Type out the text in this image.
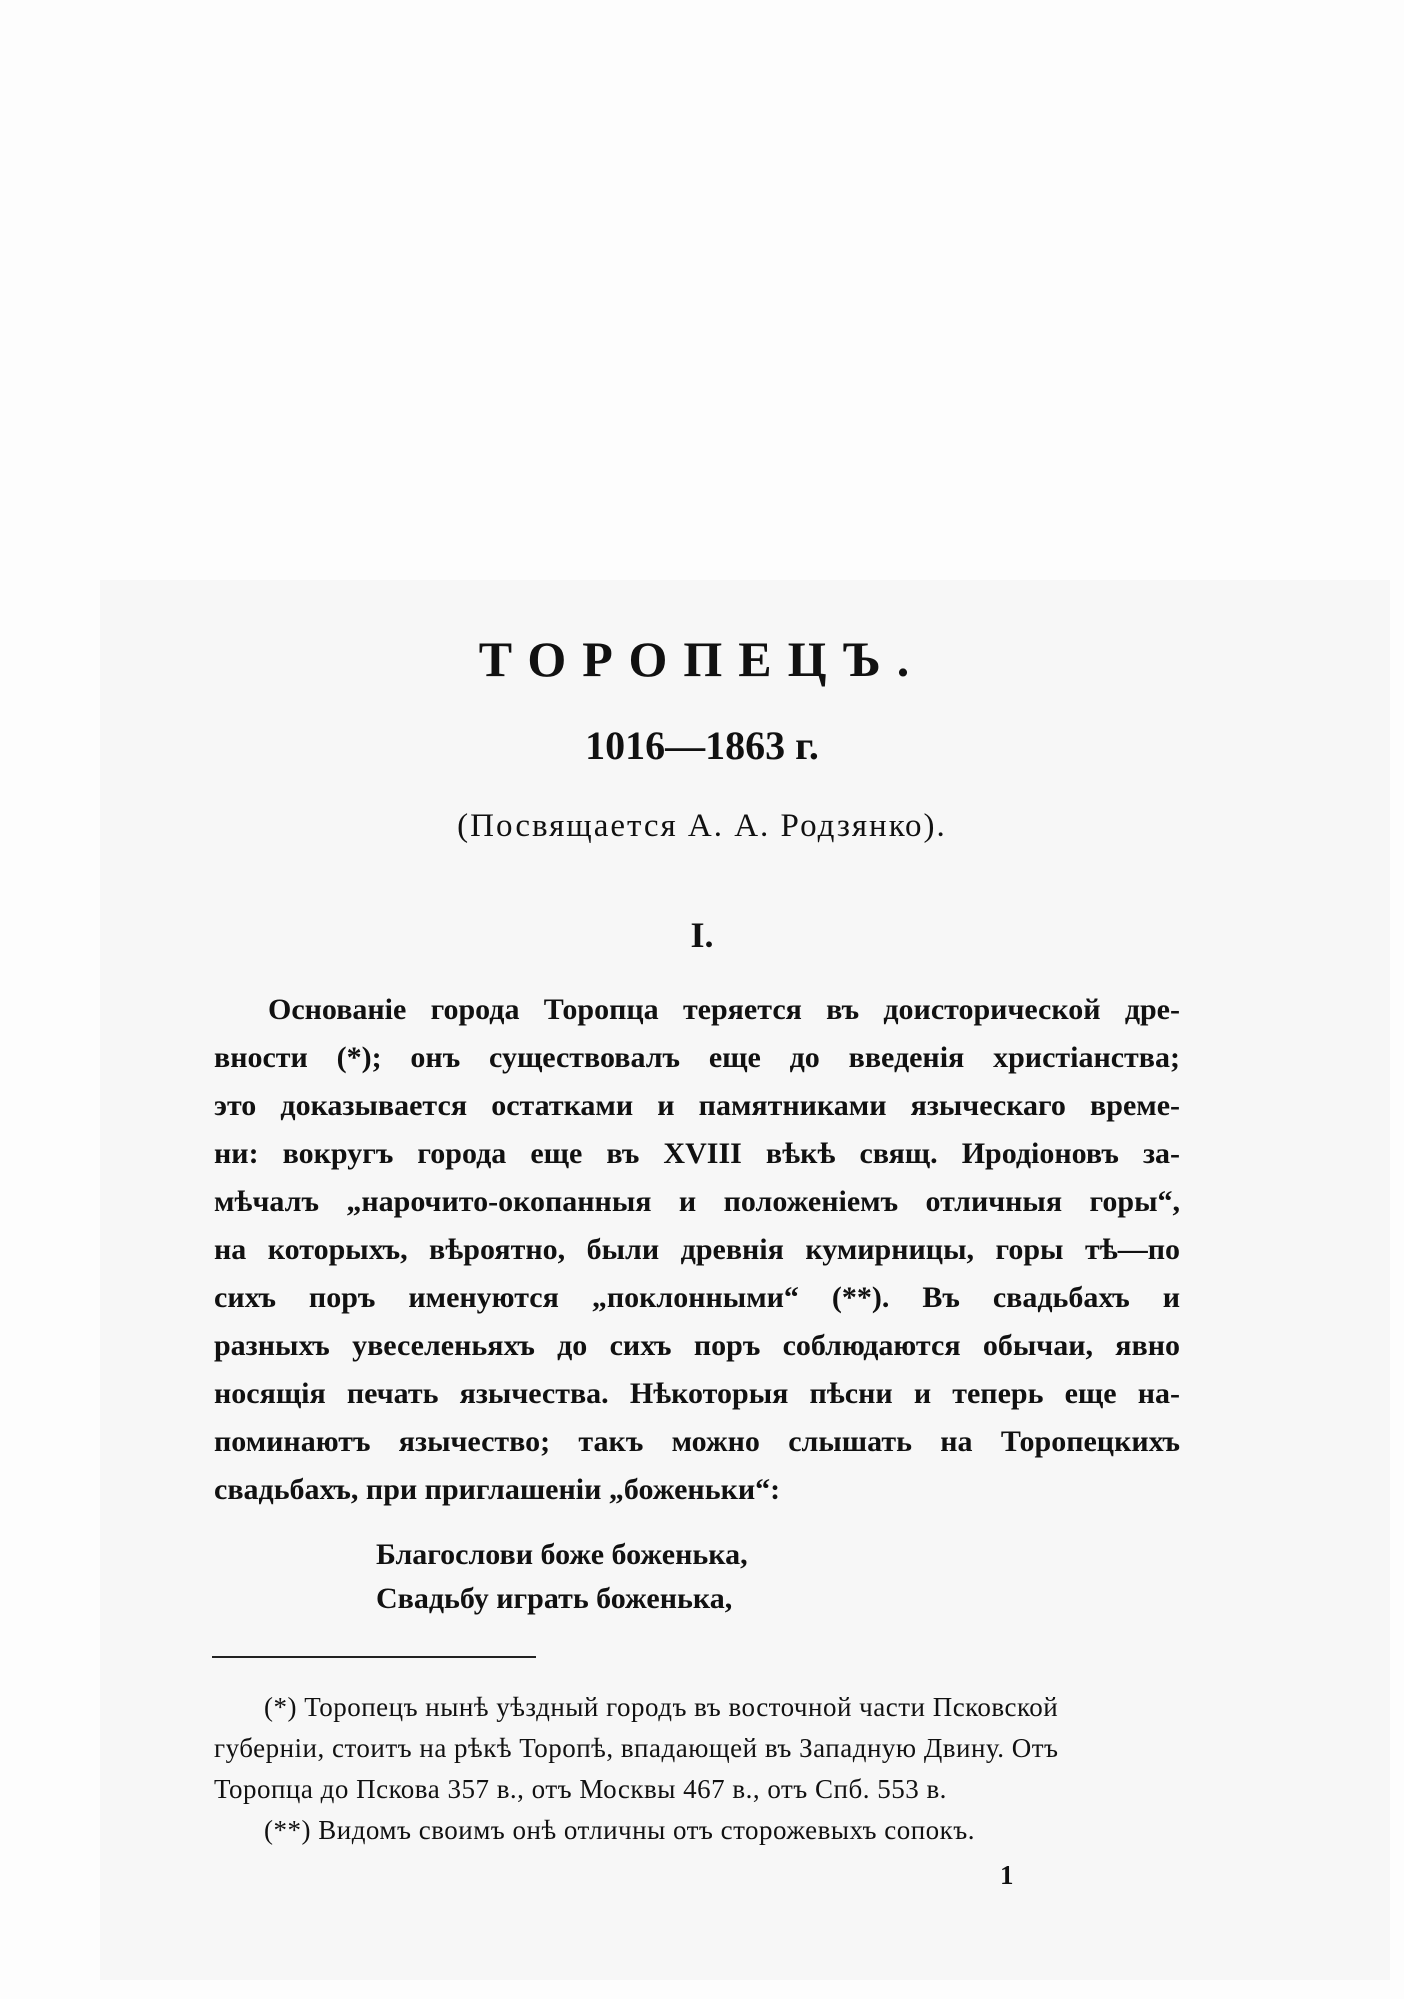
ТОРОПЕЦЪ.
1016—1863 г.
(Посвящается А. А. Родзянко).
I.
Основаніе города Торопца теряется въ доисторической дре-
вности (*); онъ существовалъ еще до введенія христіанства;
это доказывается остатками и памятниками языческаго време-
ни: вокругъ города еще въ XVIII вѣкѣ свящ. Иродіоновъ за-
мѣчалъ „нарочито-окопанныя и положеніемъ отличныя горы“,
на которыхъ, вѣроятно, были древнія кумирницы, горы тѣ—по
сихъ поръ именуются „поклонными“ (**). Въ свадьбахъ и
разныхъ увеселеньяхъ до сихъ поръ соблюдаются обычаи, явно
носящія печать язычества. Нѣкоторыя пѣсни и теперь еще на-
поминаютъ язычество; такъ можно слышать на Торопецкихъ
свадьбахъ, при приглашеніи „боженьки“:
Благослови боже боженька,
Свадьбу играть боженька,
(*) Торопецъ нынѣ уѣздный городъ въ восточной части Псковской
губерніи, стоитъ на рѣкѣ Торопѣ, впадающей въ Западную Двину. Отъ
Торопца до Пскова 357 в., отъ Москвы 467 в., отъ Спб. 553 в.
(**) Видомъ своимъ онѣ отличны отъ сторожевыхъ сопокъ.
1
